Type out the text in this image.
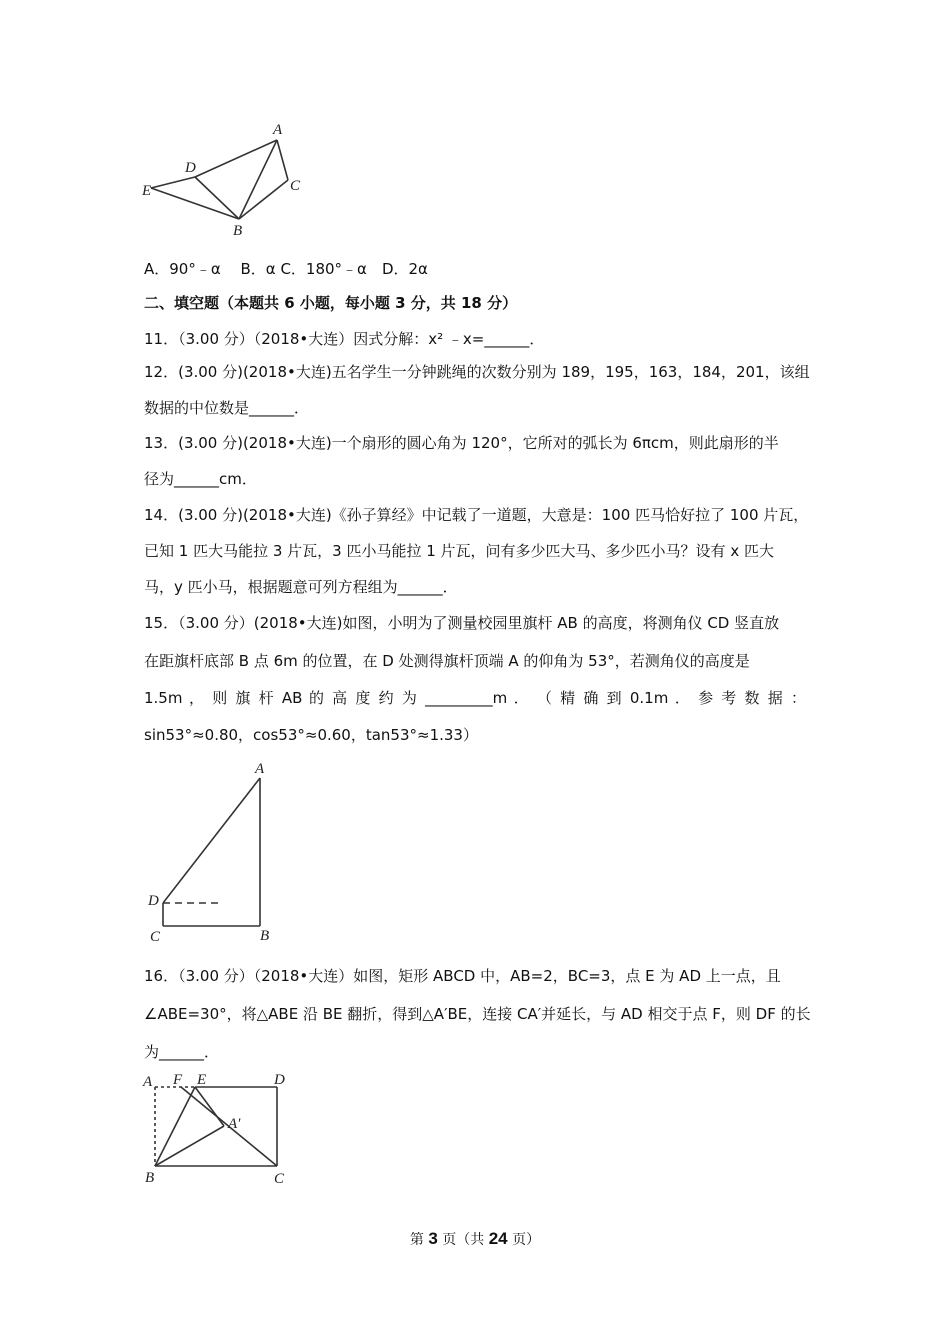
A
D
E	C
B
A．90°﹣α　 B．α C．180°﹣α　D．2α
二、填空题（本题共 6 小题，每小题 3 分，共 18 分）
11．（3.00 分）（2018•大连）因式分解：x² ﹣x=______．
12．(3.00 分)(2018•大连)五名学生一分钟跳绳的次数分别为 189，195，163，184，201，该组
数据的中位数是______．
13．(3.00 分)(2018•大连)一个扇形的圆心角为 120°，它所对的弧长为 6πcm，则此扇形的半
径为______cm．
14．(3.00 分)(2018•大连)《孙子算经》中记载了一道题，大意是：100 匹马恰好拉了 100 片瓦，
已知 1 匹大马能拉 3 片瓦，3 匹小马能拉 1 片瓦，问有多少匹大马、多少匹小马？设有 x 匹大
马，y 匹小马，根据题意可列方程组为______．
15．（3.00 分）(2018•大连)如图，小明为了测量校园里旗杆 AB 的高度，将测角仪 CD 竖直放
在距旗杆底部 B 点 6m 的位置，在 D 处测得旗杆顶端 A 的仰角为 53°，若测角仪的高度是
1.5m ， 则 旗 杆 AB 的 高 度 约 为 _________m ． （ 精 确 到 0.1m ． 参 考 数 据 ：
sin53°≈0.80，cos53°≈0.60，tan53°≈1.33）
A
D
C	B
16．（3.00 分）（2018•大连）如图，矩形 ABCD 中，AB=2，BC=3，点 E 为 AD 上一点，且
∠ABE=30°，将△ABE 沿 BE 翻折，得到△A′BE，连接 CA′并延长，与 AD 相交于点 F，则 DF 的长
为______．
A F E	D
A′
B	C
第 3 页（共 24 页）
